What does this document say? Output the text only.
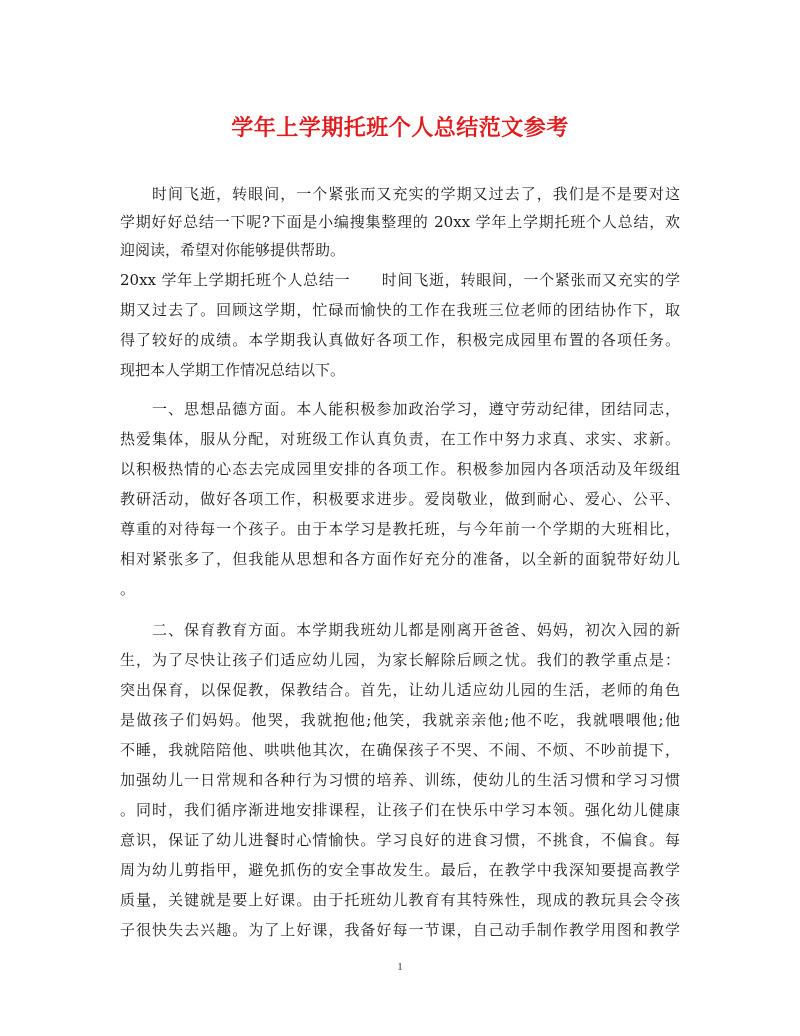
学年上学期托班个人总结范文参考
时间飞逝，转眼间，一个紧张而又充实的学期又过去了，我们是不是要对这
学期好好总结一下呢?下面是小编搜集整理的 20xx 学年上学期托班个人总结，欢
迎阅读，希望对你能够提供帮助。
20xx 学年上学期托班个人总结一　　时间飞逝，转眼间，一个紧张而又充实的学
期又过去了。回顾这学期，忙碌而愉快的工作在我班三位老师的团结协作下，取
得了较好的成绩。本学期我认真做好各项工作，积极完成园里布置的各项任务。
现把本人学期工作情况总结以下。
一、思想品德方面。本人能积极参加政治学习，遵守劳动纪律，团结同志，
热爱集体，服从分配，对班级工作认真负责，在工作中努力求真、求实、求新。
以积极热情的心态去完成园里安排的各项工作。积极参加园内各项活动及年级组
教研活动，做好各项工作，积极要求进步。爱岗敬业，做到耐心、爱心、公平、
尊重的对待每一个孩子。由于本学习是教托班，与今年前一个学期的大班相比，
相对紧张多了，但我能从思想和各方面作好充分的准备，以全新的面貌带好幼儿
。
二、保育教育方面。本学期我班幼儿都是刚离开爸爸、妈妈，初次入园的新
生，为了尽快让孩子们适应幼儿园，为家长解除后顾之忧。我们的教学重点是：
突出保育，以保促教，保教结合。首先，让幼儿适应幼儿园的生活，老师的角色
是做孩子们妈妈。他哭，我就抱他;他笑，我就亲亲他;他不吃，我就喂喂他;他
不睡，我就陪陪他、哄哄他其次，在确保孩子不哭、不闹、不烦、不吵前提下，
加强幼儿一日常规和各种行为习惯的培养、训练，使幼儿的生活习惯和学习习惯
。同时，我们循序渐进地安排课程，让孩子们在快乐中学习本领。强化幼儿健康
意识，保证了幼儿进餐时心情愉快。学习良好的进食习惯，不挑食，不偏食。每
周为幼儿剪指甲，避免抓伤的安全事故发生。最后，在教学中我深知要提高教学
质量，关键就是要上好课。由于托班幼儿教育有其特殊性，现成的教玩具会令孩
子很快失去兴趣。为了上好课，我备好每一节课，自己动手制作教学用图和教学
1
